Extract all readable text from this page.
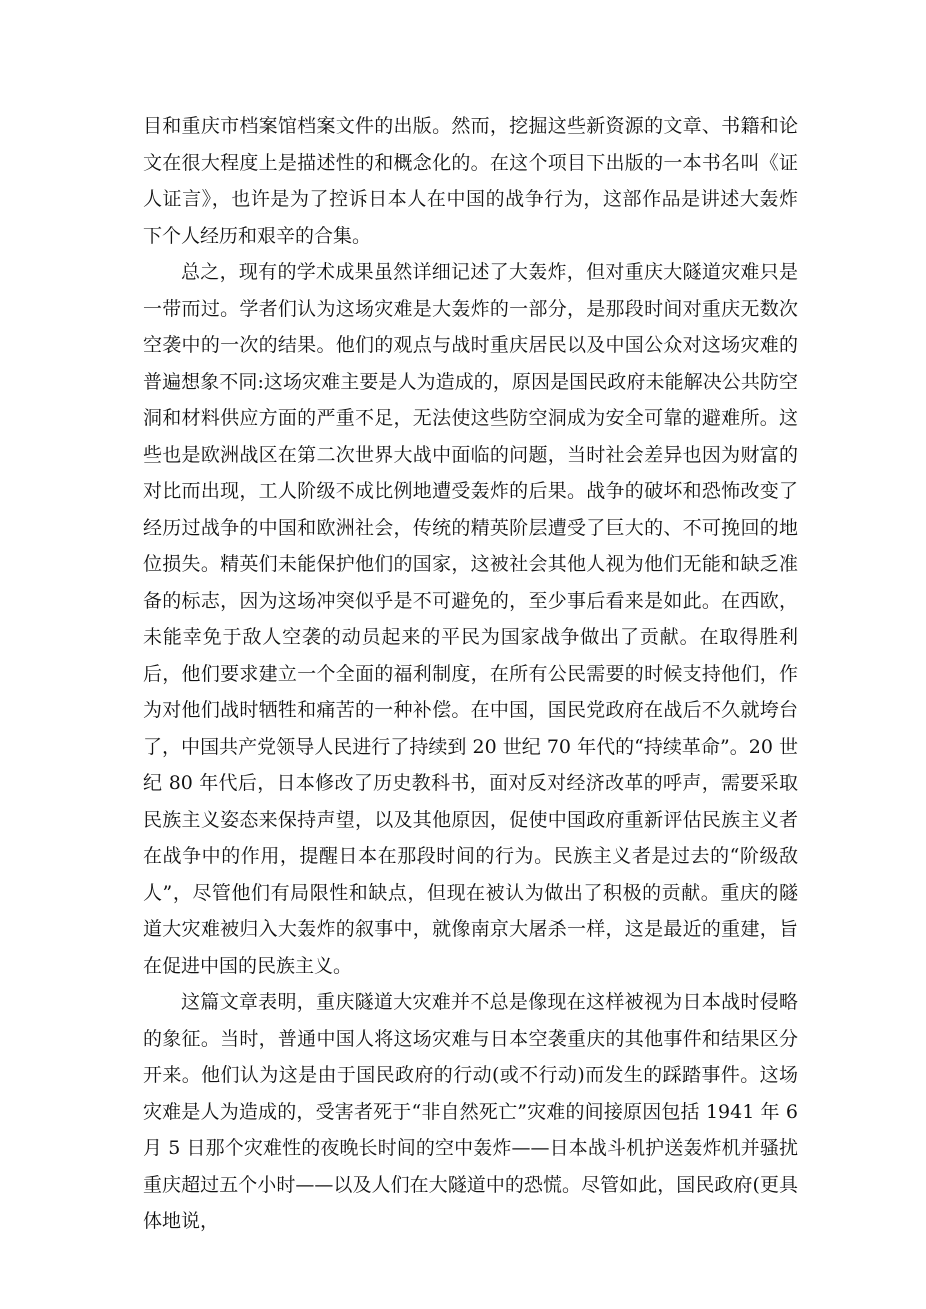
目和重庆市档案馆档案文件的出版。然而，挖掘这些新资源的文章、书籍和论文在很大程度上是描述性的和概念化的。在这个项目下出版的一本书名叫《证人证言》，也许是为了控诉日本人在中国的战争行为，这部作品是讲述大轰炸下个人经历和艰辛的合集。

总之，现有的学术成果虽然详细记述了大轰炸，但对重庆大隧道灾难只是一带而过。学者们认为这场灾难是大轰炸的一部分，是那段时间对重庆无数次空袭中的一次的结果。他们的观点与战时重庆居民以及中国公众对这场灾难的普遍想象不同:这场灾难主要是人为造成的，原因是国民政府未能解决公共防空洞和材料供应方面的严重不足，无法使这些防空洞成为安全可靠的避难所。这些也是欧洲战区在第二次世界大战中面临的问题，当时社会差异也因为财富的对比而出现，工人阶级不成比例地遭受轰炸的后果。战争的破坏和恐怖改变了经历过战争的中国和欧洲社会，传统的精英阶层遭受了巨大的、不可挽回的地位损失。精英们未能保护他们的国家，这被社会其他人视为他们无能和缺乏准备的标志，因为这场冲突似乎是不可避免的，至少事后看来是如此。在西欧，未能幸免于敌人空袭的动员起来的平民为国家战争做出了贡献。在取得胜利后，他们要求建立一个全面的福利制度，在所有公民需要的时候支持他们，作为对他们战时牺牲和痛苦的一种补偿。在中国，国民党政府在战后不久就垮台了，中国共产党领导人民进行了持续到 20 世纪 70 年代的“持续革命”。20 世纪 80 年代后，日本修改了历史教科书，面对反对经济改革的呼声，需要采取民族主义姿态来保持声望，以及其他原因，促使中国政府重新评估民族主义者在战争中的作用，提醒日本在那段时间的行为。民族主义者是过去的“阶级敌人”，尽管他们有局限性和缺点，但现在被认为做出了积极的贡献。重庆的隧道大灾难被归入大轰炸的叙事中，就像南京大屠杀一样，这是最近的重建，旨在促进中国的民族主义。

这篇文章表明，重庆隧道大灾难并不总是像现在这样被视为日本战时侵略的象征。当时，普通中国人将这场灾难与日本空袭重庆的其他事件和结果区分开来。他们认为这是由于国民政府的行动(或不行动)而发生的踩踏事件。这场灾难是人为造成的，受害者死于“非自然死亡”灾难的间接原因包括 1941 年 6 月 5 日那个灾难性的夜晚长时间的空中轰炸——日本战斗机护送轰炸机并骚扰重庆超过五个小时——以及人们在大隧道中的恐慌。尽管如此，国民政府(更具体地说，
